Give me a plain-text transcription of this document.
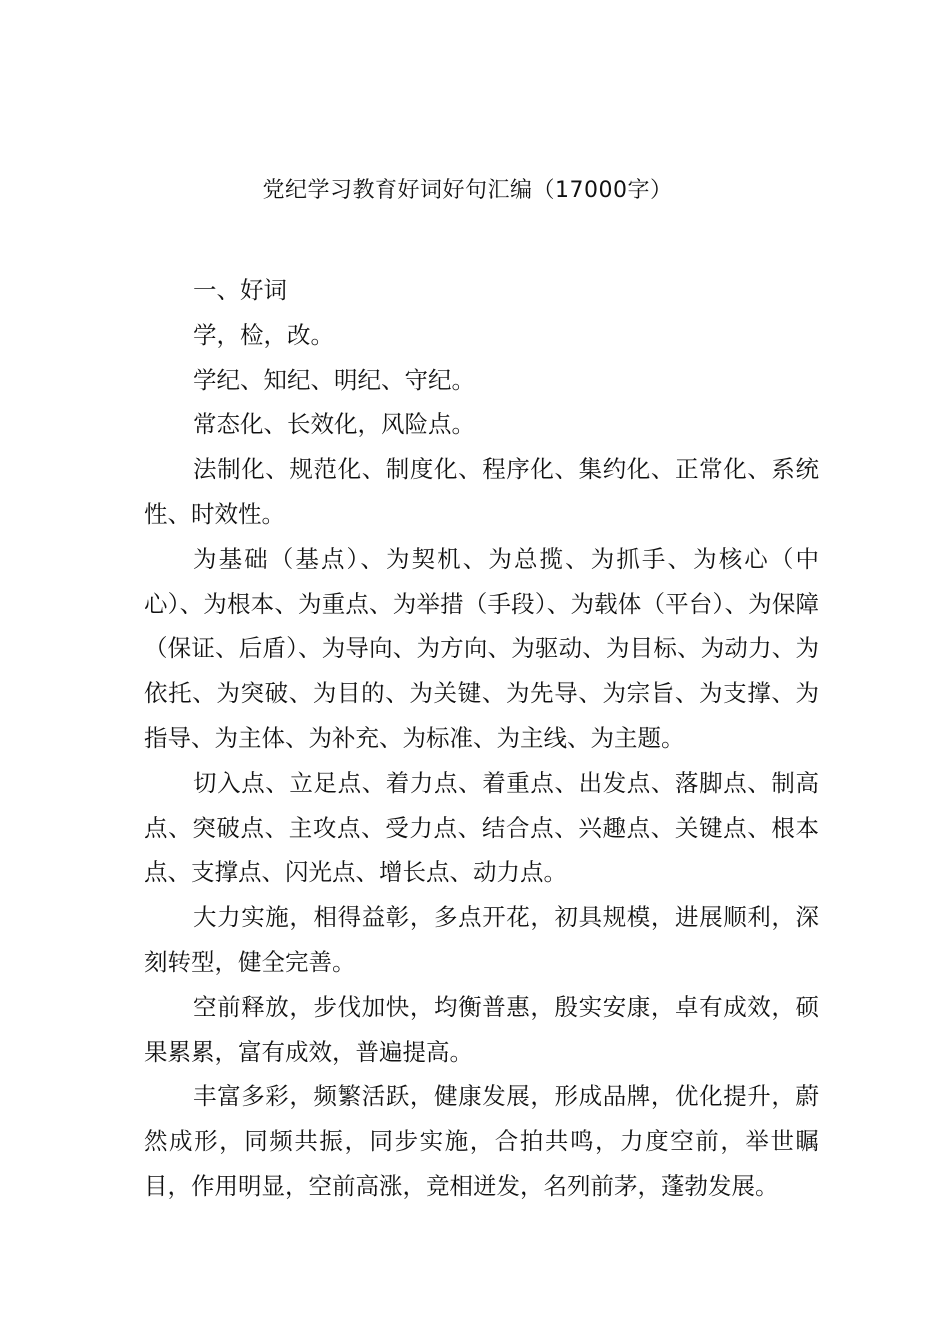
党纪学习教育好词好句汇编（17000字）

一、好词

学，检，改。

学纪、知纪、明纪、守纪。

常态化、长效化，风险点。

法制化、规范化、制度化、程序化、集约化、正常化、系统性、时效性。

为基础（基点）、为契机、为总揽、为抓手、为核心（中心）、为根本、为重点、为举措（手段）、为载体（平台）、为保障（保证、后盾）、为导向、为方向、为驱动、为目标、为动力、为依托、为突破、为目的、为关键、为先导、为宗旨、为支撑、为指导、为主体、为补充、为标准、为主线、为主题。

切入点、立足点、着力点、着重点、出发点、落脚点、制高点、突破点、主攻点、受力点、结合点、兴趣点、关键点、根本点、支撑点、闪光点、增长点、动力点。

大力实施，相得益彰，多点开花，初具规模，进展顺利，深刻转型，健全完善。

空前释放，步伐加快，均衡普惠，殷实安康，卓有成效，硕果累累，富有成效，普遍提高。

丰富多彩，频繁活跃，健康发展，形成品牌，优化提升，蔚然成形，同频共振，同步实施，合拍共鸣，力度空前，举世瞩目，作用明显，空前高涨，竞相迸发，名列前茅，蓬勃发展。
